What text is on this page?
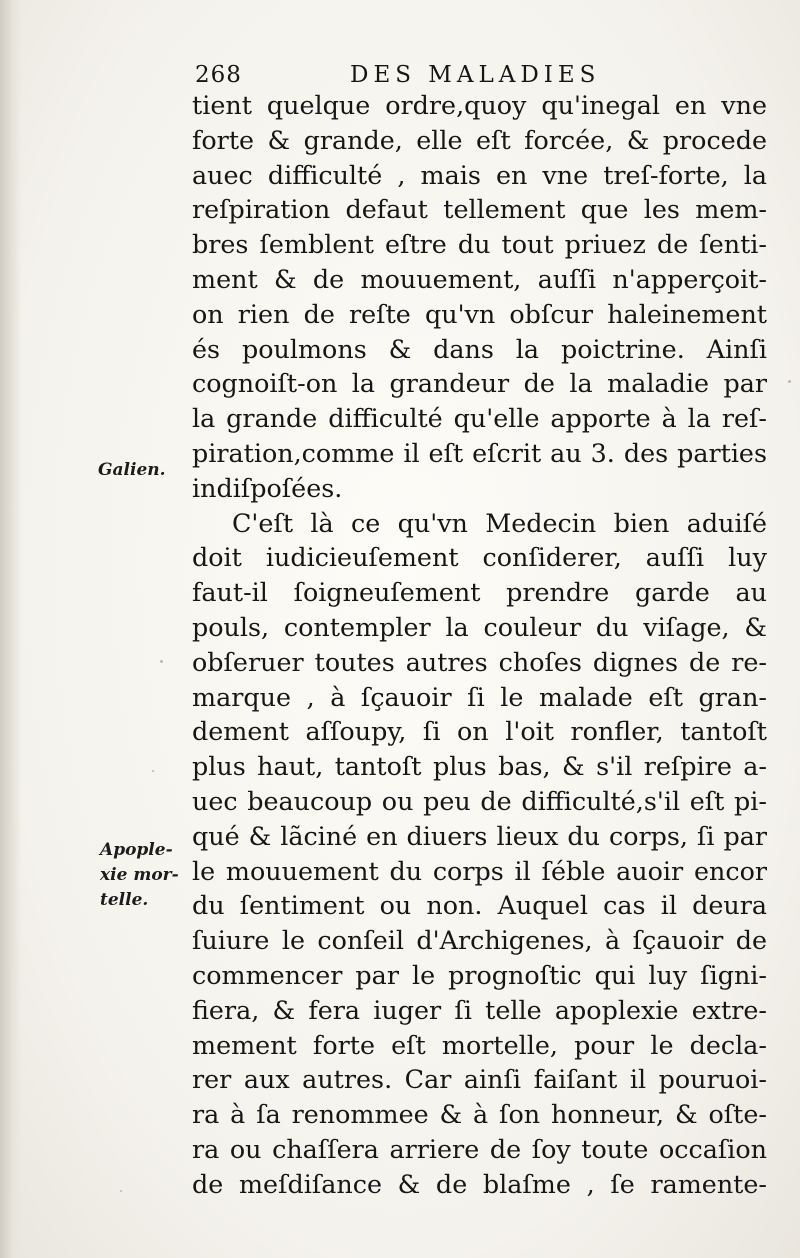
268	DES MALADIES
Galien.
Apople-
xie mor-
telle.
tient quelque ordre,quoy qu'inegal en vne
forte & grande, elle eſt forcée, & procede
auec difficulté , mais en vne treſ-forte, la
reſpiration defaut tellement que les mem-
bres ſemblent eſtre du tout priuez de ſenti-
ment & de mouuement, auſſi n'apperçoit-
on rien de reſte qu'vn obſcur haleinement
és poulmons & dans la poictrine. Ainſi
cognoiſt-on la grandeur de la maladie par
la grande difficulté qu'elle apporte à la reſ-
piration,comme il eſt eſcrit au 3. des parties
indiſpoſées.
C'eſt là ce qu'vn Medecin bien aduiſé
doit iudicieuſement conſiderer, auſſi luy
faut-il ſoigneuſement prendre garde au
pouls, contempler la couleur du viſage, &
obſeruer toutes autres choſes dignes de re-
marque , à ſçauoir ſi le malade eſt gran-
dement aſſoupy, ſi on l'oit ronfler, tantoſt
plus haut, tantoſt plus bas, & s'il reſpire a-
uec beaucoup ou peu de difficulté,s'il eſt pi-
qué & lãciné en diuers lieux du corps, ſi par
le mouuement du corps il ſéble auoir encor
du ſentiment ou non. Auquel cas il deura
ſuiure le conſeil d'Archigenes, à ſçauoir de
commencer par le prognoſtic qui luy ſigni-
fiera, & fera iuger ſi telle apoplexie extre-
mement forte eſt mortelle, pour le decla-
rer aux autres. Car ainſi faiſant il pouruoi-
ra à ſa renommee & à ſon honneur, & oſte-
ra ou chaſſera arriere de ſoy toute occaſion
de meſdiſance & de blaſme , ſe ramente-
